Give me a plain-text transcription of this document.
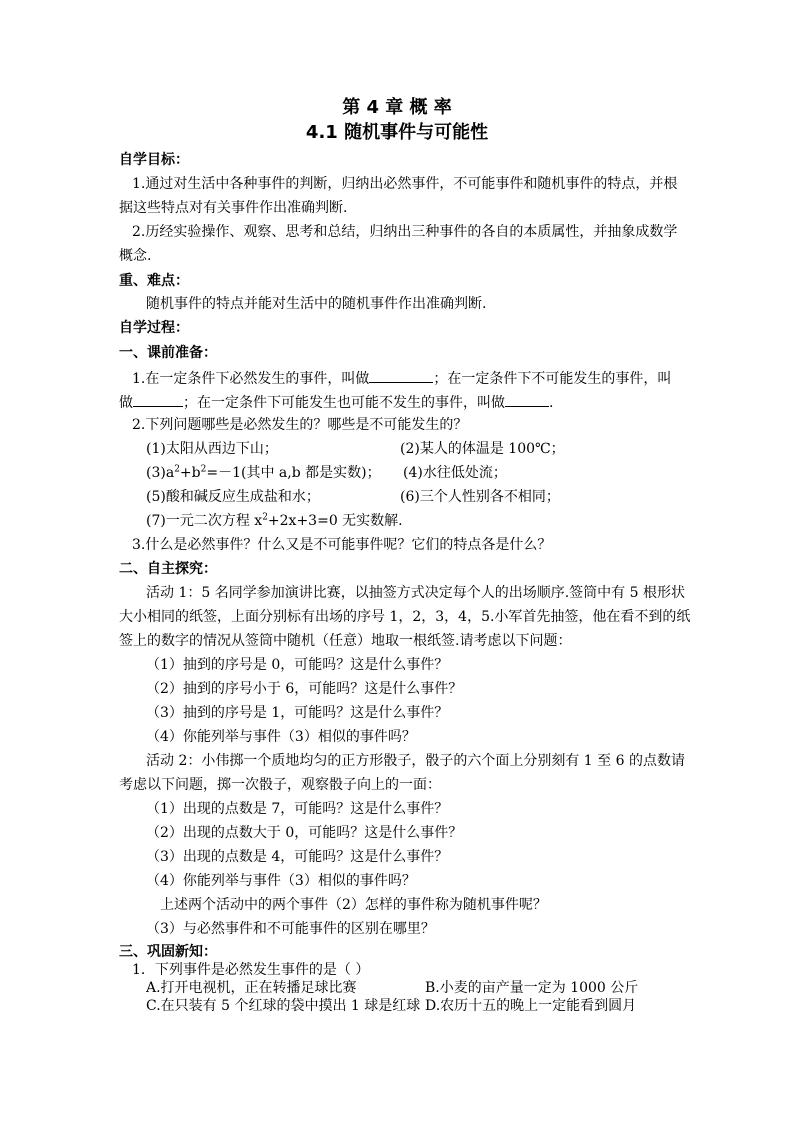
第 4 章 概 率
4.1 随机事件与可能性
自学目标：
1.通过对生活中各种事件的判断，归纳出必然事件，不可能事件和随机事件的特点，并根
据这些特点对有关事件作出准确判断.
2.历经实验操作、观察、思考和总结，归纳出三种事件的各自的本质属性，并抽象成数学
概念.
重、难点：
随机事件的特点并能对生活中的随机事件作出准确判断.
自学过程：
一、课前准备：
1.在一定条件下必然发生的事件，叫做	；在一定条件下不可能发生的事件，叫
做	；在一定条件下可能发生也可能不发生的事件，叫做	.
2.下列问题哪些是必然发生的？哪些是不可能发生的？
(1)太阳从西边下山；	(2)某人的体温是 100℃；
$(3)a^2+b^2=-1$(其中 a,b 都是实数)； (4)水往低处流；
(5)酸和碱反应生成盐和水；	(6)三个人性别各不相同；
(7)一元二次方程 $x^2+2x+3=0$ 无实数解.
3.什么是必然事件？什么又是不可能事件呢？它们的特点各是什么？
二、自主探究：
活动 1：5 名同学参加演讲比赛，以抽签方式决定每个人的出场顺序.签筒中有 5 根形状
大小相同的纸签，上面分别标有出场的序号 1，2，3，4，5.小军首先抽签，他在看不到的纸
签上的数字的情况从签筒中随机（任意）地取一根纸签.请考虑以下问题：
（1）抽到的序号是 0，可能吗？这是什么事件？
（2）抽到的序号小于 6，可能吗？这是什么事件？
（3）抽到的序号是 1，可能吗？这是什么事件？
（4）你能列举与事件（3）相似的事件吗？
活动 2：小伟掷一个质地均匀的正方形骰子，骰子的六个面上分别刻有 1 至 6 的点数请
考虑以下问题，掷一次骰子，观察骰子向上的一面：
（1）出现的点数是 7，可能吗？这是什么事件？
（2）出现的点数大于 0，可能吗？这是什么事件？
（3）出现的点数是 4，可能吗？这是什么事件？
（4）你能列举与事件（3）相似的事件吗？
上述两个活动中的两个事件（2）怎样的事件称为随机事件呢？
（3）与必然事件和不可能事件的区别在哪里？
三、巩固新知：
1．下列事件是必然发生事件的是（ ）
A.打开电视机，正在转播足球比赛	B.小麦的亩产量一定为 1000 公斤
C.在只装有 5 个红球的袋中摸出 1 球是红球 D.农历十五的晚上一定能看到圆月
